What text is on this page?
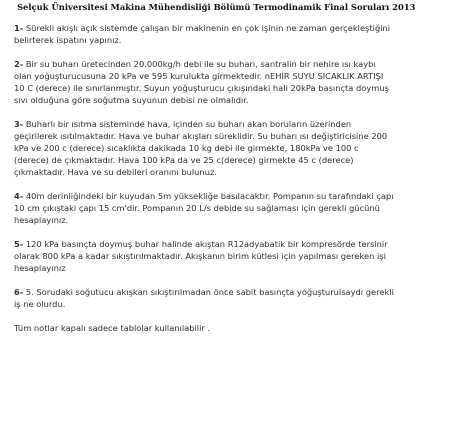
Selçuk Üniversitesi Makina Mühendisliği Bölümü Termodinamik Final Soruları 2013
1- Sürekli akışlı açık sistemde çalışan bir makinenin en çok işinin ne zaman gerçekleştiğini
belirterek ispatını yapınız.
2- Bir su buharı üretecinden 20.000kg/h debi ile su buharı, santralin bir nehire ısı kaybı
olan yoğuşturucusuna 20 kPa ve 595 kurulukta girmektedir. nEHİR SUYU SICAKLIK ARTIŞI
10 C (derece) ile sınırlanmıştır. Suyun yoğuşturucu çıkışındaki hali 20kPa basınçta doymuş
sıvı olduğuna göre soğutma suyunun debisi ne olmalıdır.
3- Buharlı bir ısıtma sisteminde hava, içinden su buharı akan boruların üzerinden
geçirilerek ısıtılmaktadır. Hava ve buhar akışları süreklidir. Su buharı ısı değiştiricisine 200
kPa ve 200 c (derece) sıcaklıkta dakikada 10 kg debi ile girmekte, 180kPa ve 100 c
(derece) de çıkmaktadır. Hava 100 kPa da ve 25 c(derece) girmekte 45 c (derece)
çıkmaktadır. Hava ve su debileri oranını bulunuz.
4- 40m derinliğindeki bir kuyudan 5m yüksekliğe basılacaktır. Pompanın su tarafındaki çapı
10 cm çıkıştaki çapı 15 cm'dir. Pompanın 20 L/s debide su sağlaması için gerekli gücünü
hesaplayınız.
5- 120 kPa basınçta doymuş buhar halinde akıştan R12adyabatik bir kompresörde tersinir
olarak 800 kPa a kadar sıkıştırılmaktadır. Akışkanın birim kütlesi için yapılması gereken işi
hesaplayınız
6- 5. Sorudaki soğutucu akışkan sıkıştırılmadan önce sabit basınçta yoğuşturulsaydı gerekli
iş ne olurdu.
Tüm notlar kapalı sadece tablolar kullanılabilir .
